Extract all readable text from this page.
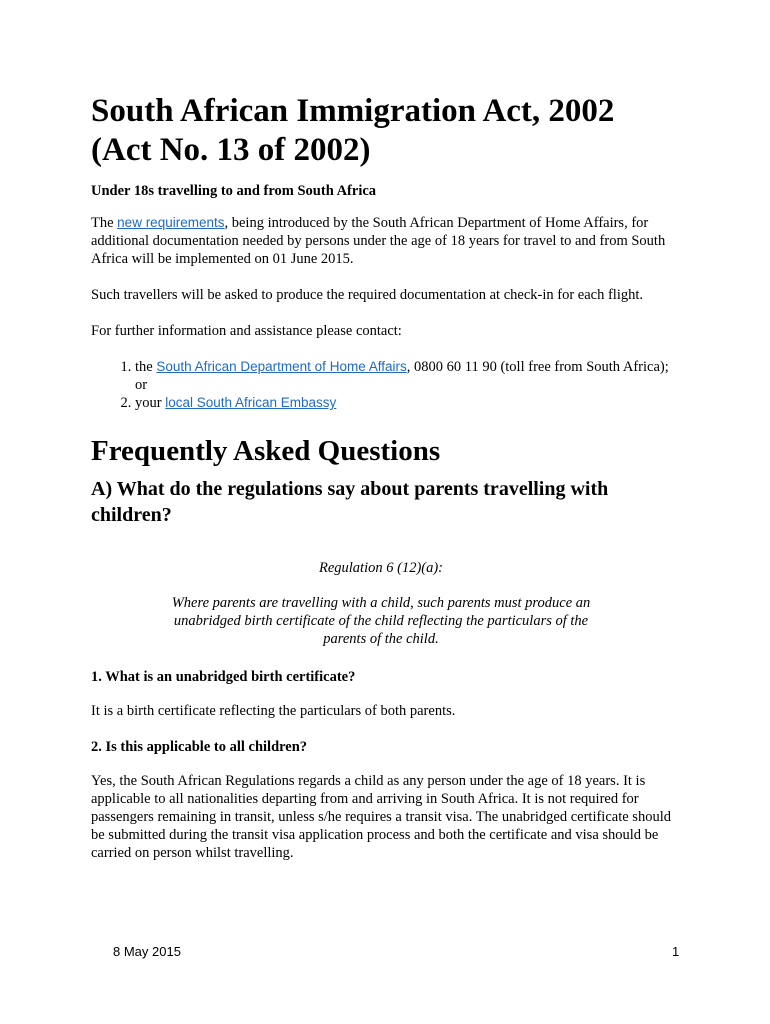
South African Immigration Act, 2002 (Act No. 13 of 2002)
Under 18s travelling to and from South Africa

The new requirements, being introduced by the South African Department of Home Affairs, for additional documentation needed by persons under the age of 18 years for travel to and from South Africa will be implemented on 01 June 2015.

Such travellers will be asked to produce the required documentation at check-in for each flight.

For further information and assistance please contact:

1. the South African Department of Home Affairs, 0800 60 11 90 (toll free from South Africa); or
2. your local South African Embassy
Frequently Asked Questions
A) What do the regulations say about parents travelling with children?
Regulation 6 (12)(a):
Where parents are travelling with a child, such parents must produce an unabridged birth certificate of the child reflecting the particulars of the parents of the child.
1. What is an unabridged birth certificate?

It is a birth certificate reflecting the particulars of both parents.

2. Is this applicable to all children?

Yes, the South African Regulations regards a child as any person under the age of 18 years. It is applicable to all nationalities departing from and arriving in South Africa. It is not required for passengers remaining in transit, unless s/he requires a transit visa. The unabridged certificate should be submitted during the transit visa application process and both the certificate and visa should be carried on person whilst travelling.

8 May 2015	1
